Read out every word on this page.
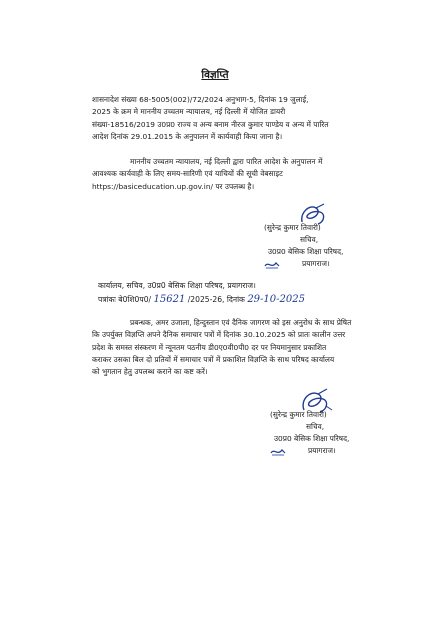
विज्ञप्ति
शासनादेश संख्या 68-5005(002)/72/2024 अनुभाग-5, दिनांक 19 जुलाई,
2025 के क्रम मे माननीय उच्चतम न्यायालय, नई दिल्ली में योजित डायरी
संख्या-18516/2019 उ0प्र0 राज्य व अन्य बनाम नीरज कुमार पाण्डेय व अन्य में पारित
आदेश दिनांक 29.01.2015 के अनुपालन में कार्यवाही किया जाना है।
माननीय उच्चतम न्यायालय, नई दिल्ली द्वारा पारित आदेश के अनुपालन में
आवश्यक कार्यवाही के लिए समय-सारिणी एवं याचियों की सूची वेबसाइट
https://basiceducation.up.gov.in/ पर उपलब्ध है।
(सुरेन्द्र कुमार तिवारी)
सचिव,
उ0प्र0 बेसिक शिक्षा परिषद,
प्रयागराज।
कार्यालय, सचिव, उ0प्र0 बेसिक शिक्षा परिषद, प्रयागराज।
पत्रांकः बे0शि0प0/ 15621 /2025-26, दिनांक 29-10-2025
प्रबन्धक, अमर उजाला, हिन्दुस्तान एवं दैनिक जागरण को इस अनुरोध के साथ प्रेषित
कि उपर्युक्त विज्ञप्ति अपने दैनिक समाचार पत्रों में दिनांक 30.10.2025 को प्रातः कालीन उत्तर
प्रदेश के समस्त संस्करण में न्यूनतम पठनीय डी0ए0वी0पी0 दर पर नियमानुसार प्रकाशित
कराकर उसका बिल दो प्रतियों में समाचार पत्रों में प्रकाशित विज्ञप्ति के साथ परिषद कार्यालय
को भुगतान हेतु उपलब्ध कराने का कष्ट करें।
(सुरेन्द्र कुमार तिवारी)
सचिव,
उ0प्र0 बेसिक शिक्षा परिषद,
प्रयागराज।
